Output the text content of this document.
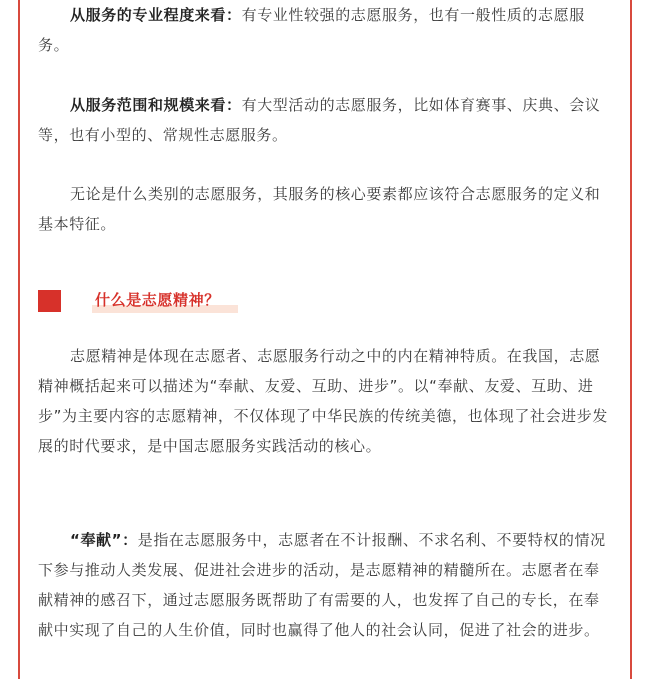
从服务的专业程度来看：有专业性较强的志愿服务，也有一般性质的志愿服务。

从服务范围和规模来看：有大型活动的志愿服务，比如体育赛事、庆典、会议等，也有小型的、常规性志愿服务。

无论是什么类别的志愿服务，其服务的核心要素都应该符合志愿服务的定义和基本特征。

什么是志愿精神？

志愿精神是体现在志愿者、志愿服务行动之中的内在精神特质。在我国，志愿精神概括起来可以描述为“奉献、友爱、互助、进步”。以“奉献、友爱、互助、进步”为主要内容的志愿精神，不仅体现了中华民族的传统美德，也体现了社会进步发展的时代要求，是中国志愿服务实践活动的核心。

“奉献”：是指在志愿服务中，志愿者在不计报酬、不求名利、不要特权的情况下参与推动人类发展、促进社会进步的活动，是志愿精神的精髓所在。志愿者在奉献精神的感召下，通过志愿服务既帮助了有需要的人，也发挥了自己的专长，在奉献中实现了自己的人生价值，同时也赢得了他人的社会认同，促进了社会的进步。
